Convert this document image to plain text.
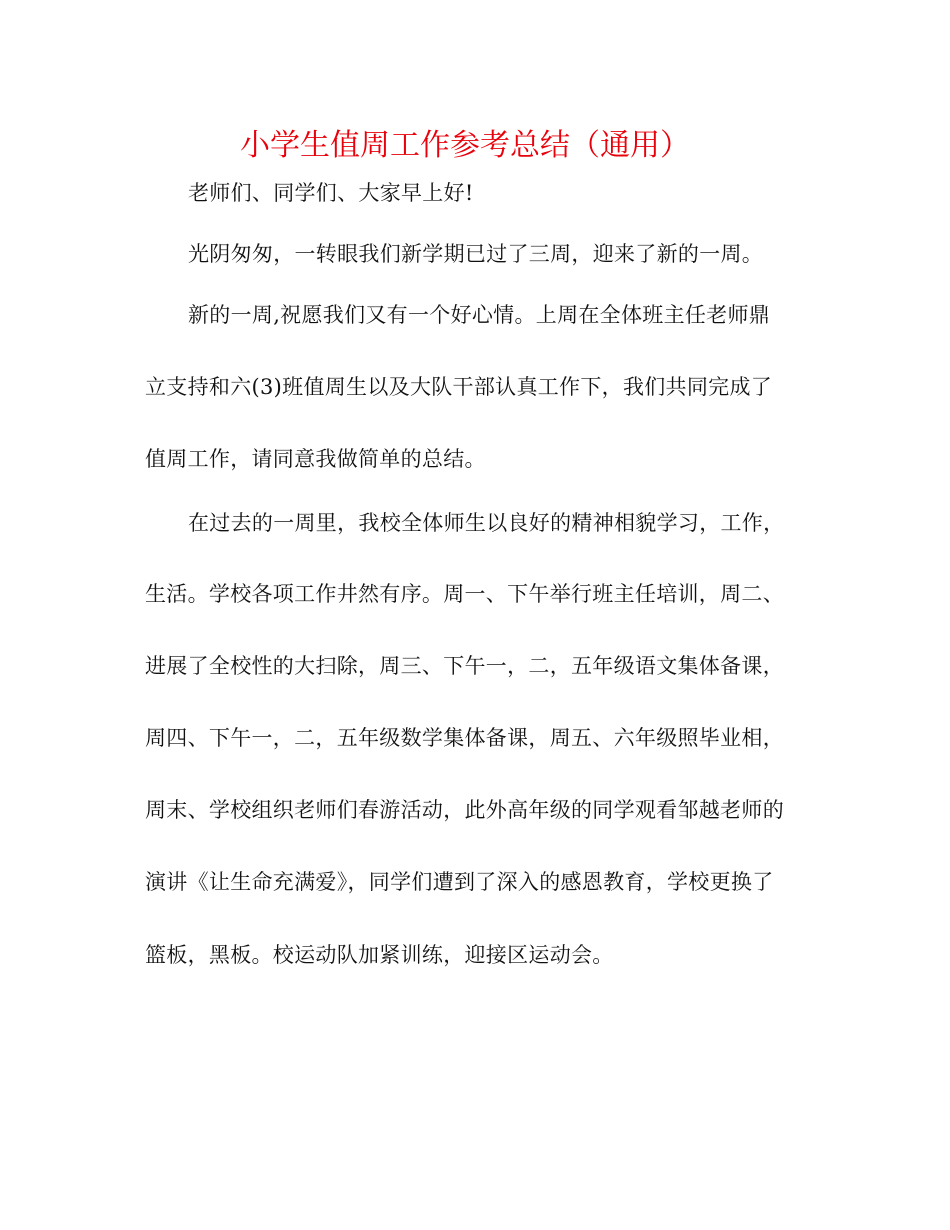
小学生值周工作参考总结（通用）
老师们、同学们、大家早上好!
光阴匆匆，一转眼我们新学期已过了三周，迎来了新的一周。
新的一周,祝愿我们又有一个好心情。上周在全体班主任老师鼎
立支持和六(3)班值周生以及大队干部认真工作下，我们共同完成了
值周工作，请同意我做简单的总结。
在过去的一周里，我校全体师生以良好的精神相貌学习，工作，
生活。学校各项工作井然有序。周一、下午举行班主任培训，周二、
进展了全校性的大扫除，周三、下午一，二，五年级语文集体备课，
周四、下午一，二，五年级数学集体备课，周五、六年级照毕业相，
周末、学校组织老师们春游活动，此外高年级的同学观看邹越老师的
演讲《让生命充满爱》，同学们遭到了深入的感恩教育，学校更换了
篮板，黑板。校运动队加紧训练，迎接区运动会。
